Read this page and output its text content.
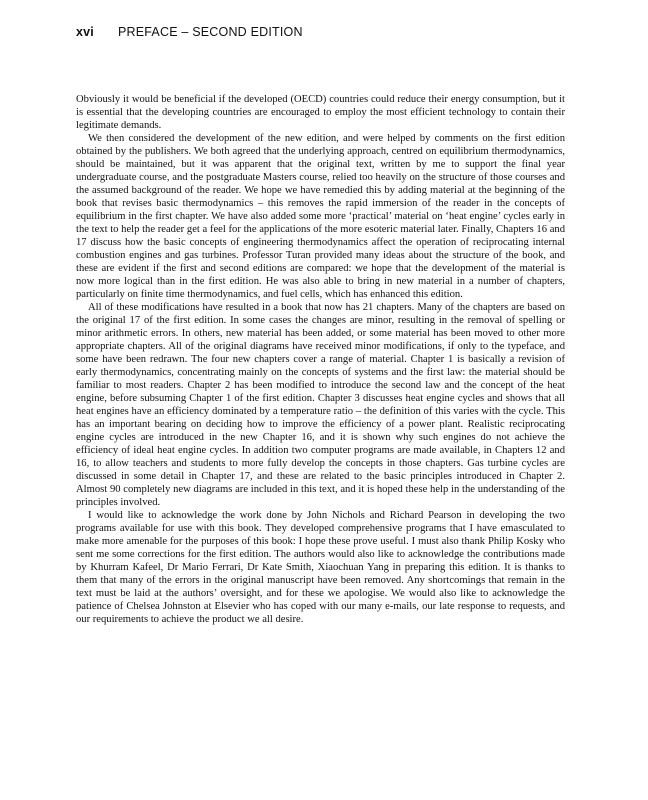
xvi PREFACE – SECOND EDITION

Obviously it would be beneficial if the developed (OECD) countries could reduce their energy consumption, but it is essential that the developing countries are encouraged to employ the most efficient technology to contain their legitimate demands.

We then considered the development of the new edition, and were helped by comments on the first edition obtained by the publishers. We both agreed that the underlying approach, centred on equilibrium thermodynamics, should be maintained, but it was apparent that the original text, written by me to support the final year undergraduate course, and the postgraduate Masters course, relied too heavily on the structure of those courses and the assumed background of the reader. We hope we have remedied this by adding material at the beginning of the book that revises basic thermodynamics – this removes the rapid immersion of the reader in the concepts of equilibrium in the first chapter. We have also added some more ‘practical’ material on ‘heat engine’ cycles early in the text to help the reader get a feel for the applications of the more esoteric material later. Finally, Chapters 16 and 17 discuss how the basic concepts of engineering thermodynamics affect the operation of reciprocating internal combustion engines and gas turbines. Professor Turan provided many ideas about the structure of the book, and these are evident if the first and second editions are compared: we hope that the development of the material is now more logical than in the first edition. He was also able to bring in new material in a number of chapters, particularly on finite time thermodynamics, and fuel cells, which has enhanced this edition.

All of these modifications have resulted in a book that now has 21 chapters. Many of the chapters are based on the original 17 of the first edition. In some cases the changes are minor, resulting in the removal of spelling or minor arithmetic errors. In others, new material has been added, or some material has been moved to other more appropriate chapters. All of the original diagrams have received minor modifications, if only to the typeface, and some have been redrawn. The four new chapters cover a range of material. Chapter 1 is basically a revision of early thermodynamics, concentrating mainly on the concepts of systems and the first law: the material should be familiar to most readers. Chapter 2 has been modified to introduce the second law and the concept of the heat engine, before subsuming Chapter 1 of the first edition. Chapter 3 discusses heat engine cycles and shows that all heat engines have an efficiency dominated by a temperature ratio – the definition of this varies with the cycle. This has an important bearing on deciding how to improve the efficiency of a power plant. Realistic reciprocating engine cycles are introduced in the new Chapter 16, and it is shown why such engines do not achieve the efficiency of ideal heat engine cycles. In addition two computer programs are made available, in Chapters 12 and 16, to allow teachers and students to more fully develop the concepts in those chapters. Gas turbine cycles are discussed in some detail in Chapter 17, and these are related to the basic principles introduced in Chapter 2. Almost 90 completely new diagrams are included in this text, and it is hoped these help in the understanding of the principles involved.

I would like to acknowledge the work done by John Nichols and Richard Pearson in developing the two programs available for use with this book. They developed comprehensive programs that I have emasculated to make more amenable for the purposes of this book: I hope these prove useful. I must also thank Philip Kosky who sent me some corrections for the first edition. The authors would also like to acknowledge the contributions made by Khurram Kafeel, Dr Mario Ferrari, Dr Kate Smith, Xiaochuan Yang in preparing this edition. It is thanks to them that many of the errors in the original manuscript have been removed. Any shortcomings that remain in the text must be laid at the authors’ oversight, and for these we apologise. We would also like to acknowledge the patience of Chelsea Johnston at Elsevier who has coped with our many e-mails, our late response to requests, and our requirements to achieve the product we all desire.
